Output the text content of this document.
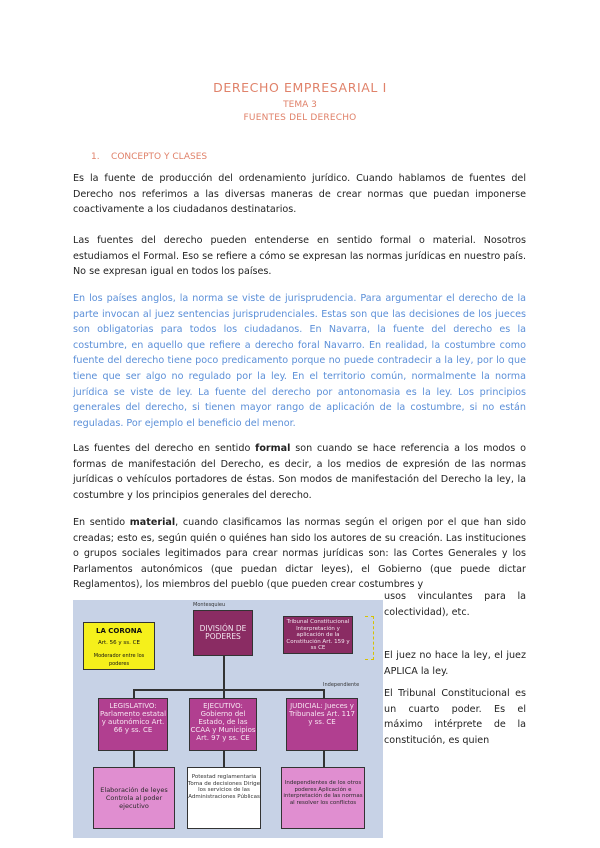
DERECHO EMPRESARIAL I
TEMA 3
FUENTES DEL DERECHO
1.    CONCEPTO Y CLASES

Es la fuente de producción del ordenamiento jurídico. Cuando hablamos de fuentes del Derecho nos referimos a las diversas maneras de crear normas que puedan imponerse coactivamente a los ciudadanos destinatarios.

Las fuentes del derecho pueden entenderse en sentido formal o material. Nosotros estudiamos el Formal. Eso se refiere a cómo se expresan las normas jurídicas en nuestro país. No se expresan igual en todos los países.

En los países anglos, la norma se viste de jurisprudencia. Para argumentar el derecho de la parte invocan al juez sentencias jurisprudenciales. Estas son que las decisiones de los jueces son obligatorias para todos los ciudadanos. En Navarra, la fuente del derecho es la costumbre, en aquello que refiere a derecho foral Navarro. En realidad, la costumbre como fuente del derecho tiene poco predicamento porque no puede contradecir a la ley, por lo que tiene que ser algo no regulado por la ley. En el territorio común, normalmente la norma jurídica se viste de ley. La fuente del derecho por antonomasia es la ley. Los principios generales del derecho, si tienen mayor rango de aplicación de la costumbre, si no están reguladas. Por ejemplo el beneficio del menor.

Las fuentes del derecho en sentido formal son cuando se hace referencia a los modos o formas de manifestación del Derecho, es decir, a los medios de expresión de las normas jurídicas o vehículos portadores de éstas. Son modos de manifestación del Derecho la ley, la costumbre y los principios generales del derecho.

En sentido material, cuando clasificamos las normas según el origen por el que han sido creadas; esto es, según quién o quiénes han sido los autores de su creación. Las instituciones o grupos sociales legitimados para crear normas jurídicas son: las Cortes Generales y los Parlamentos autonómicos (que puedan dictar leyes), el Gobierno (que puede dictar Reglamentos), los miembros del pueblo (que pueden crear costumbres y

usos vinculantes para la colectividad), etc.

El juez no hace la ley, el juez APLICA la ley.

El Tribunal Constitucional es un cuarto poder. Es el máximo intérprete de la constitución, es quien

Montesquieu
DIVISIÓN DE PODERES
LA CORONA
Art. 56 y ss. CE
Moderador entre los poderes
Tribunal Constitucional Interpretación y aplicación de la Constitución Art. 159 y ss CE
Independiente
LEGISLATIVO: Parlamento estatal y autonómico Art. 66 y ss. CE
EJECUTIVO: Gobierno del Estado, de las CCAA y Municipios Art. 97 y ss. CE
JUDICIAL: Jueces y Tribunales Art. 117 y ss. CE
Elaboración de leyes Controla al poder ejecutivo
Potestad reglamentaria Toma de decisiones Dirige los servicios de las Administraciones Públicas
Independientes de los otros poderes Aplicación e interpretación de las normas al resolver los conflictos
